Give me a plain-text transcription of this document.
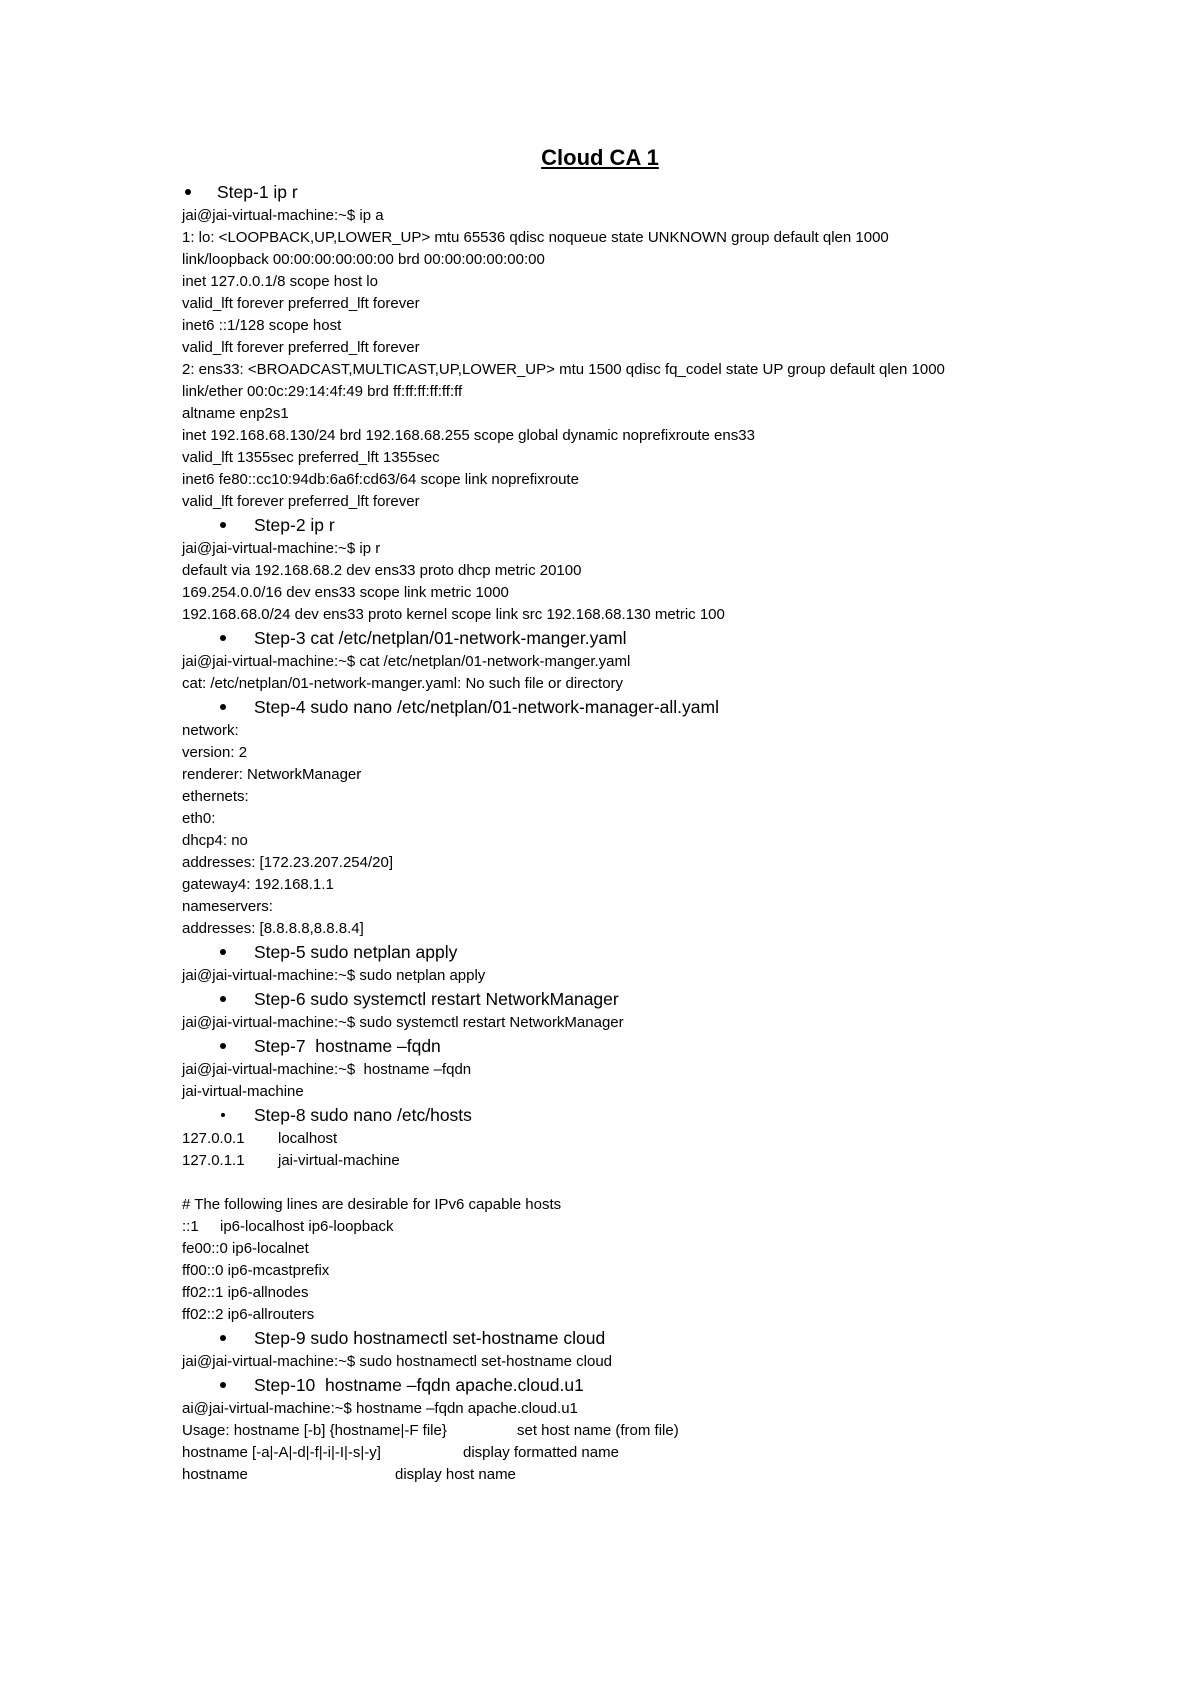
Cloud CA 1
Step-1 ip r
jai@jai-virtual-machine:~$ ip a
1: lo: <LOOPBACK,UP,LOWER_UP> mtu 65536 qdisc noqueue state UNKNOWN group default qlen 1000
link/loopback 00:00:00:00:00:00 brd 00:00:00:00:00:00
inet 127.0.0.1/8 scope host lo
valid_lft forever preferred_lft forever
inet6 ::1/128 scope host
valid_lft forever preferred_lft forever
2: ens33: <BROADCAST,MULTICAST,UP,LOWER_UP> mtu 1500 qdisc fq_codel state UP group default qlen 1000
link/ether 00:0c:29:14:4f:49 brd ff:ff:ff:ff:ff:ff
altname enp2s1
inet 192.168.68.130/24 brd 192.168.68.255 scope global dynamic noprefixroute ens33
valid_lft 1355sec preferred_lft 1355sec
inet6 fe80::cc10:94db:6a6f:cd63/64 scope link noprefixroute
valid_lft forever preferred_lft forever
Step-2 ip r
jai@jai-virtual-machine:~$ ip r
default via 192.168.68.2 dev ens33 proto dhcp metric 20100
169.254.0.0/16 dev ens33 scope link metric 1000
192.168.68.0/24 dev ens33 proto kernel scope link src 192.168.68.130 metric 100
Step-3 cat /etc/netplan/01-network-manger.yaml
jai@jai-virtual-machine:~$ cat /etc/netplan/01-network-manger.yaml
cat: /etc/netplan/01-network-manger.yaml: No such file or directory
Step-4 sudo nano /etc/netplan/01-network-manager-all.yaml
network:
version: 2
renderer: NetworkManager
ethernets:
eth0:
dhcp4: no
addresses: [172.23.207.254/20]
gateway4: 192.168.1.1
nameservers:
addresses: [8.8.8.8,8.8.8.4]
Step-5 sudo netplan apply
jai@jai-virtual-machine:~$ sudo netplan apply
Step-6 sudo systemctl restart NetworkManager
jai@jai-virtual-machine:~$ sudo systemctl restart NetworkManager
Step-7  hostname –fqdn
jai@jai-virtual-machine:~$  hostname –fqdn
jai-virtual-machine
Step-8 sudo nano /etc/hosts
127.0.0.1 localhost
127.0.1.1 jai-virtual-machine
# The following lines are desirable for IPv6 capable hosts
::1 ip6-localhost ip6-loopback
fe00::0 ip6-localnet
ff00::0 ip6-mcastprefix
ff02::1 ip6-allnodes
ff02::2 ip6-allrouters
Step-9 sudo hostnamectl set-hostname cloud
jai@jai-virtual-machine:~$ sudo hostnamectl set-hostname cloud
Step-10  hostname –fqdn apache.cloud.u1
ai@jai-virtual-machine:~$ hostname –fqdn apache.cloud.u1
Usage: hostname [-b] {hostname|-F file}	set host name (from file)
hostname [-a|-A|-d|-f|-i|-I|-s|-y]	display formatted name
hostname	display host name
